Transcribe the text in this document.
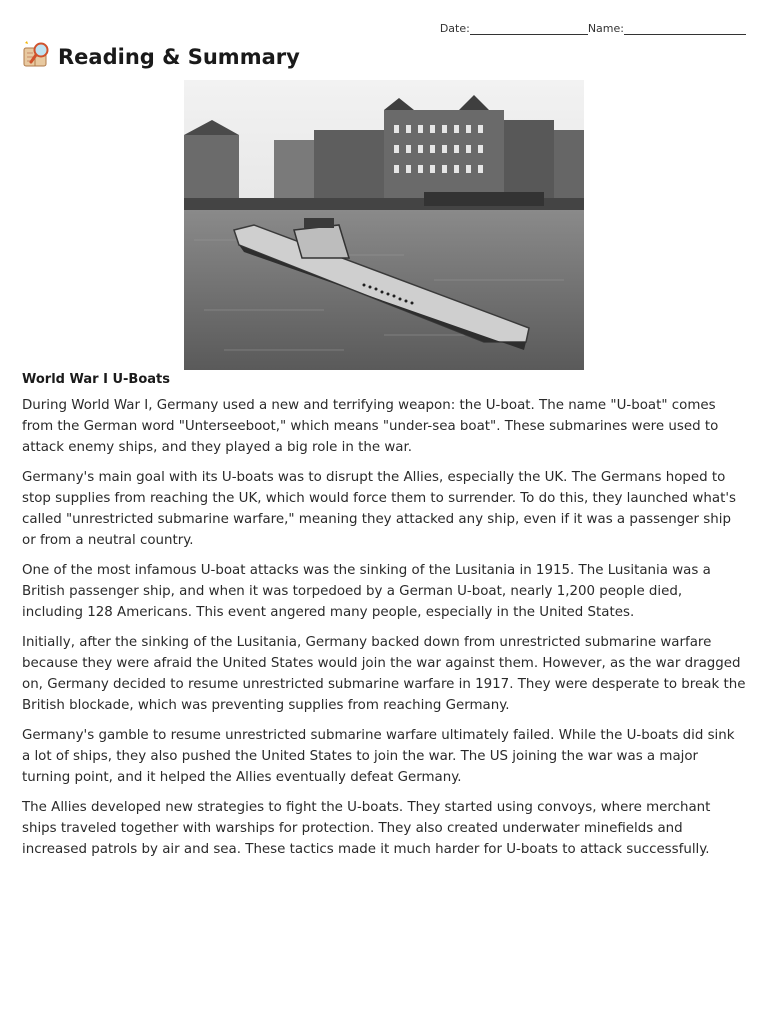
Date:	Name:
Reading & Summary
World War I U-Boats

During World War I, Germany used a new and terrifying weapon: the U-boat. The name "U-boat" comes from the German word "Unterseeboot," which means "under-sea boat". These submarines were used to attack enemy ships, and they played a big role in the war.

Germany's main goal with its U-boats was to disrupt the Allies, especially the UK. The Germans hoped to stop supplies from reaching the UK, which would force them to surrender. To do this, they launched what's called "unrestricted submarine warfare," meaning they attacked any ship, even if it was a passenger ship or from a neutral country.

One of the most infamous U-boat attacks was the sinking of the Lusitania in 1915. The Lusitania was a British passenger ship, and when it was torpedoed by a German U-boat, nearly 1,200 people died, including 128 Americans. This event angered many people, especially in the United States.

Initially, after the sinking of the Lusitania, Germany backed down from unrestricted submarine warfare because they were afraid the United States would join the war against them. However, as the war dragged on, Germany decided to resume unrestricted submarine warfare in 1917. They were desperate to break the British blockade, which was preventing supplies from reaching Germany.

Germany's gamble to resume unrestricted submarine warfare ultimately failed. While the U-boats did sink a lot of ships, they also pushed the United States to join the war. The US joining the war was a major turning point, and it helped the Allies eventually defeat Germany.

The Allies developed new strategies to fight the U-boats. They started using convoys, where merchant ships traveled together with warships for protection. They also created underwater minefields and increased patrols by air and sea. These tactics made it much harder for U-boats to attack successfully.
